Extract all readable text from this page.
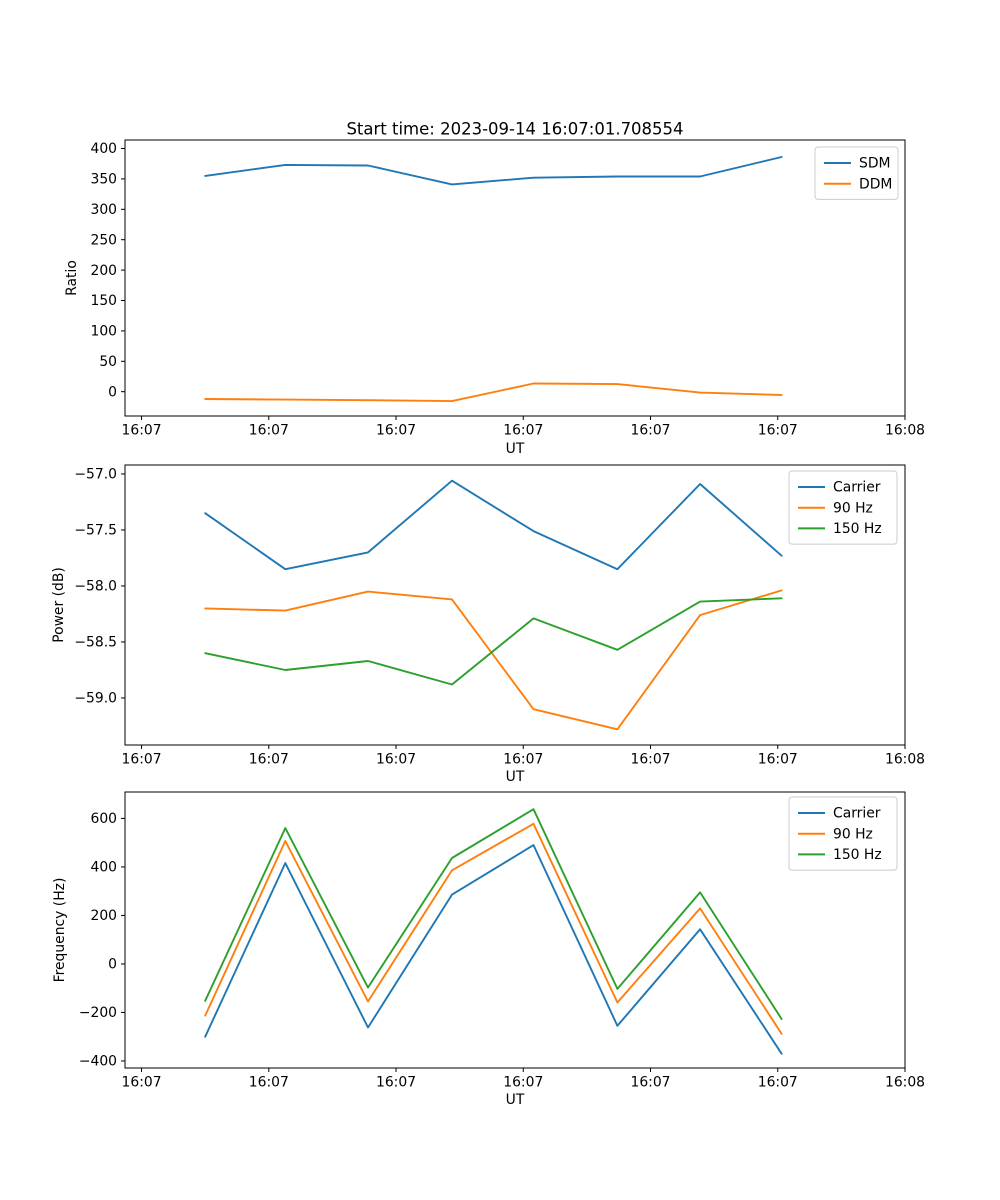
16:07	16:07	16:07	16:07	16:07	16:07	16:08
0
50
100
150
200
250
300
350
400
SDM
DDM
16:07	16:07	16:07	16:07	16:07	16:07	16:08
−57.0
−57.5
−58.0
−58.5
−59.0
Carrier
90 Hz
150 Hz
16:07	16:07	16:07	16:07	16:07	16:07	16:08
−400
−200
0
200
400
600	Carrier
90 Hz
150 Hz
Start time: 2023-09-14 16:07:01.708554
Ratio
Power (dB)
Frequency (Hz)
UT
UT
UT
